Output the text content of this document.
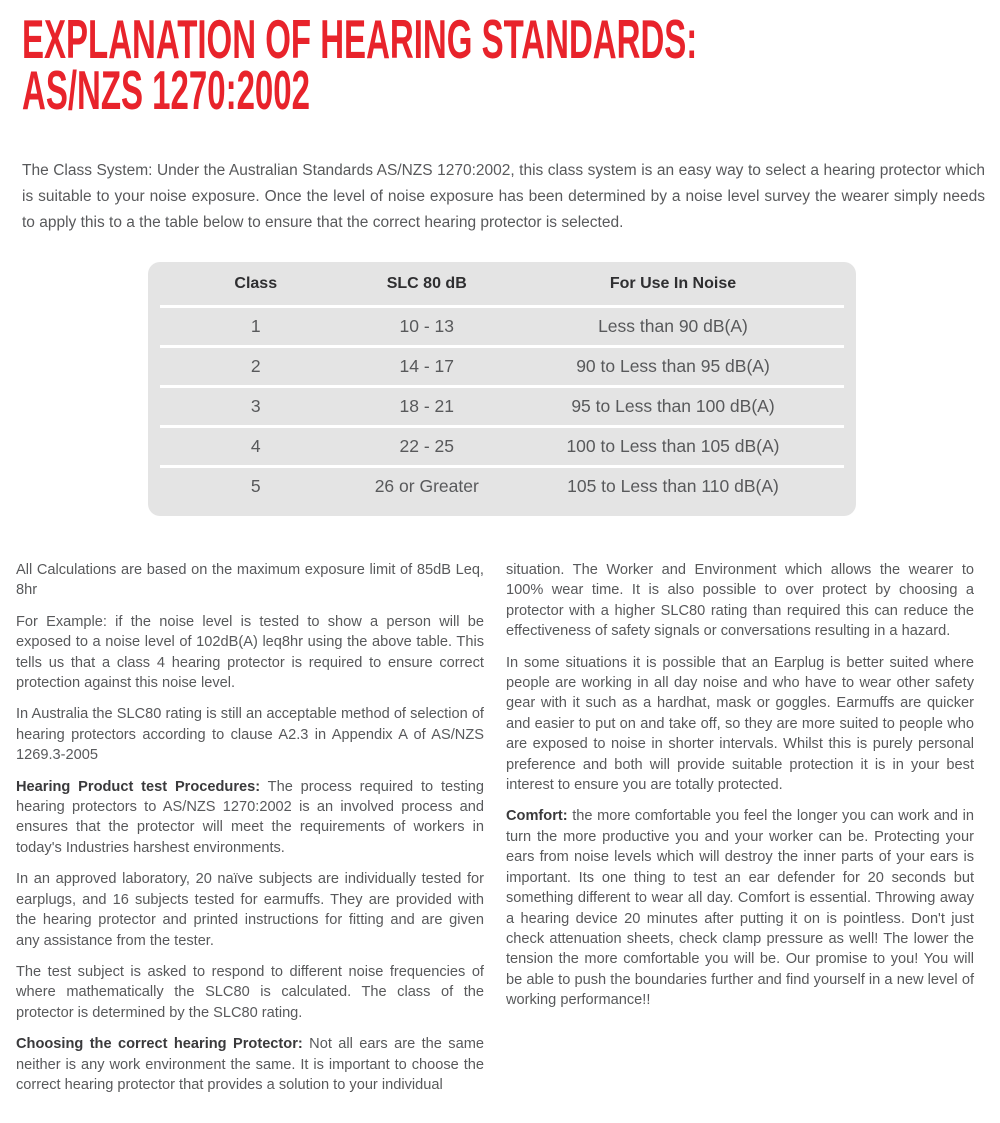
EXPLANATION OF HEARING STANDARDS:
AS/NZS 1270:2002

The Class System: Under the Australian Standards AS/NZS 1270:2002, this class system is an easy way to select a hearing protector which is suitable to your noise exposure. Once the level of noise exposure has been determined by a noise level survey the wearer simply needs to apply this to a the table below to ensure that the correct hearing protector is selected.

Class	SLC 80 dB	For Use In Noise
1	10 - 13	Less than 90 dB(A)
2	14 - 17	90 to Less than 95 dB(A)
3	18 - 21	95 to Less than 100 dB(A)
4	22 - 25	100 to Less than 105 dB(A)
5	26 or Greater	105 to Less than 110 dB(A)

All Calculations are based on the maximum exposure limit of 85dB Leq, 8hr

For Example: if the noise level is tested to show a person will be exposed to a noise level of 102dB(A) leq8hr using the above table. This tells us that a class 4 hearing protector is required to ensure correct protection against this noise level.

In Australia the SLC80 rating is still an acceptable method of selection of hearing protectors according to clause A2.3 in Appendix A of AS/NZS 1269.3-2005

Hearing Product test Procedures: The process required to testing hearing protectors to AS/NZS 1270:2002 is an involved process and ensures that the protector will meet the requirements of workers in today's Industries harshest environments.

In an approved laboratory, 20 naïve subjects are individually tested for earplugs, and 16 subjects tested for earmuffs. They are provided with the hearing protector and printed instructions for fitting and are given any assistance from the tester.

The test subject is asked to respond to different noise frequencies of where mathematically the SLC80 is calculated. The class of the protector is determined by the SLC80 rating.

Choosing the correct hearing Protector: Not all ears are the same neither is any work environment the same. It is important to choose the correct hearing protector that provides a solution to your individual

situation. The Worker and Environment which allows the wearer to 100% wear time. It is also possible to over protect by choosing a protector with a higher SLC80 rating than required this can reduce the effectiveness of safety signals or conversations resulting in a hazard.

In some situations it is possible that an Earplug is better suited where people are working in all day noise and who have to wear other safety gear with it such as a hardhat, mask or goggles. Earmuffs are quicker and easier to put on and take off, so they are more suited to people who are exposed to noise in shorter intervals. Whilst this is purely personal preference and both will provide suitable protection it is in your best interest to ensure you are totally protected.

Comfort: the more comfortable you feel the longer you can work and in turn the more productive you and your worker can be. Protecting your ears from noise levels which will destroy the inner parts of your ears is important. Its one thing to test an ear defender for 20 seconds but something different to wear all day. Comfort is essential. Throwing away a hearing device 20 minutes after putting it on is pointless. Don't just check attenuation sheets, check clamp pressure as well! The lower the tension the more comfortable you will be. Our promise to you! You will be able to push the boundaries further and find yourself in a new level of working performance!!
